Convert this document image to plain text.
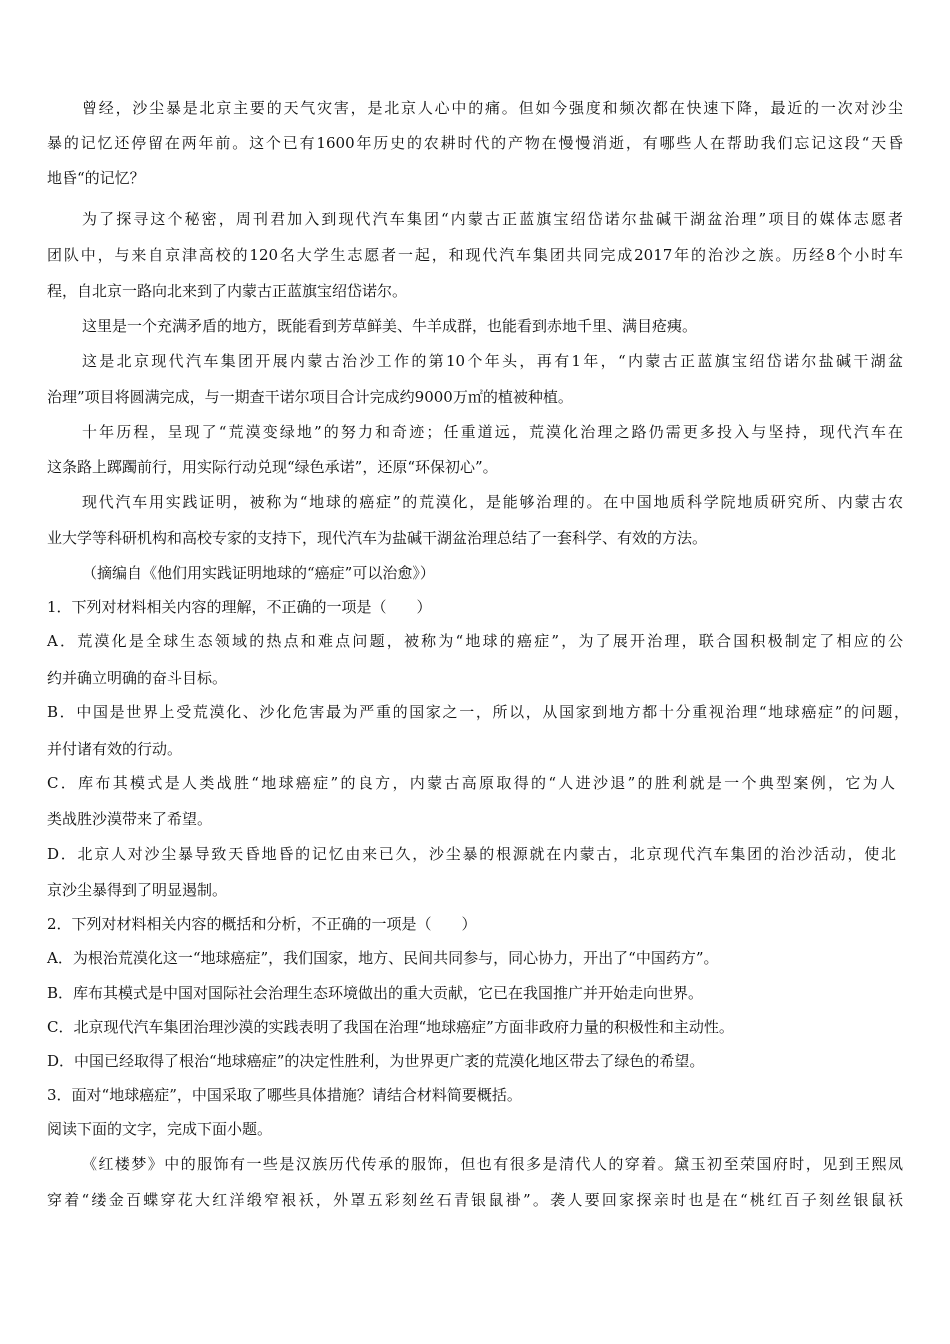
曾经，沙尘暴是北京主要的天气灾害，是北京人心中的痛。但如今强度和频次都在快速下降，最近的一次对沙尘
暴的记忆还停留在两年前。这个已有1600年历史的农耕时代的产物在慢慢消逝，有哪些人在帮助我们忘记这段“天昏
地昏“的记忆？
为了探寻这个秘密，周刊君加入到现代汽车集团“内蒙古正蓝旗宝绍岱诺尔盐碱干湖盆治理”项目的媒体志愿者
团队中，与来自京津高校的120名大学生志愿者一起，和现代汽车集团共同完成2017年的治沙之族。历经8个小时车
程，自北京一路向北来到了内蒙古正蓝旗宝绍岱诺尔。
这里是一个充满矛盾的地方，既能看到芳草鲜美、牛羊成群，也能看到赤地千里、满目疮痍。
这是北京现代汽车集团开展内蒙古治沙工作的第10个年头，再有1年，“内蒙古正蓝旗宝绍岱诺尔盐碱干湖盆
治理”项目将圆满完成，与一期查干诺尔项目合计完成约9000万㎡的植被种植。
十年历程，呈现了“荒漠变绿地”的努力和奇迹；任重道远，荒漠化治理之路仍需更多投入与坚持，现代汽车在
这条路上踯躅前行，用实际行动兑现“绿色承诺”，还原“环保初心”。
现代汽车用实践证明，被称为“地球的癌症”的荒漠化，是能够治理的。在中国地质科学院地质研究所、内蒙古农
业大学等科研机构和高校专家的支持下，现代汽车为盐碱干湖盆治理总结了一套科学、有效的方法。
（摘编自《他们用实践证明地球的“癌症”可以治愈》）
1．下列对材料相关内容的理解，不正确的一项是（　　）
A．荒漠化是全球生态领域的热点和难点问题，被称为“地球的癌症”，为了展开治理，联合国积极制定了相应的公
约并确立明确的奋斗目标。
B．中国是世界上受荒漠化、沙化危害最为严重的国家之一，所以，从国家到地方都十分重视治理“地球癌症”的问题，
并付诸有效的行动。
C．库布其模式是人类战胜“地球癌症”的良方，内蒙古高原取得的“人进沙退”的胜利就是一个典型案例，它为人
类战胜沙漠带来了希望。
D．北京人对沙尘暴导致天昏地昏的记忆由来已久，沙尘暴的根源就在内蒙古，北京现代汽车集团的治沙活动，使北
京沙尘暴得到了明显遏制。
2．下列对材料相关内容的概括和分析，不正确的一项是（　　）
A．为根治荒漠化这一“地球癌症”，我们国家，地方、民间共同参与，同心协力，开出了“中国药方”。
B．库布其模式是中国对国际社会治理生态环境做出的重大贡献，它已在我国推广并开始走向世界。
C．北京现代汽车集团治理沙漠的实践表明了我国在治理“地球癌症”方面非政府力量的积极性和主动性。
D．中国已经取得了根治“地球癌症”的决定性胜利，为世界更广袤的荒漠化地区带去了绿色的希望。
3．面对“地球癌症”，中国采取了哪些具体措施？请结合材料简要概括。
阅读下面的文字，完成下面小题。
《红楼梦》中的服饰有一些是汉族历代传承的服饰，但也有很多是清代人的穿着。黛玉初至荣国府时，见到王熙凤
穿着“缕金百蝶穿花大红洋缎窄裉袄，外罩五彩刻丝石青银鼠褂”。袭人要回家探亲时也是在“桃红百子刻丝银鼠袄
